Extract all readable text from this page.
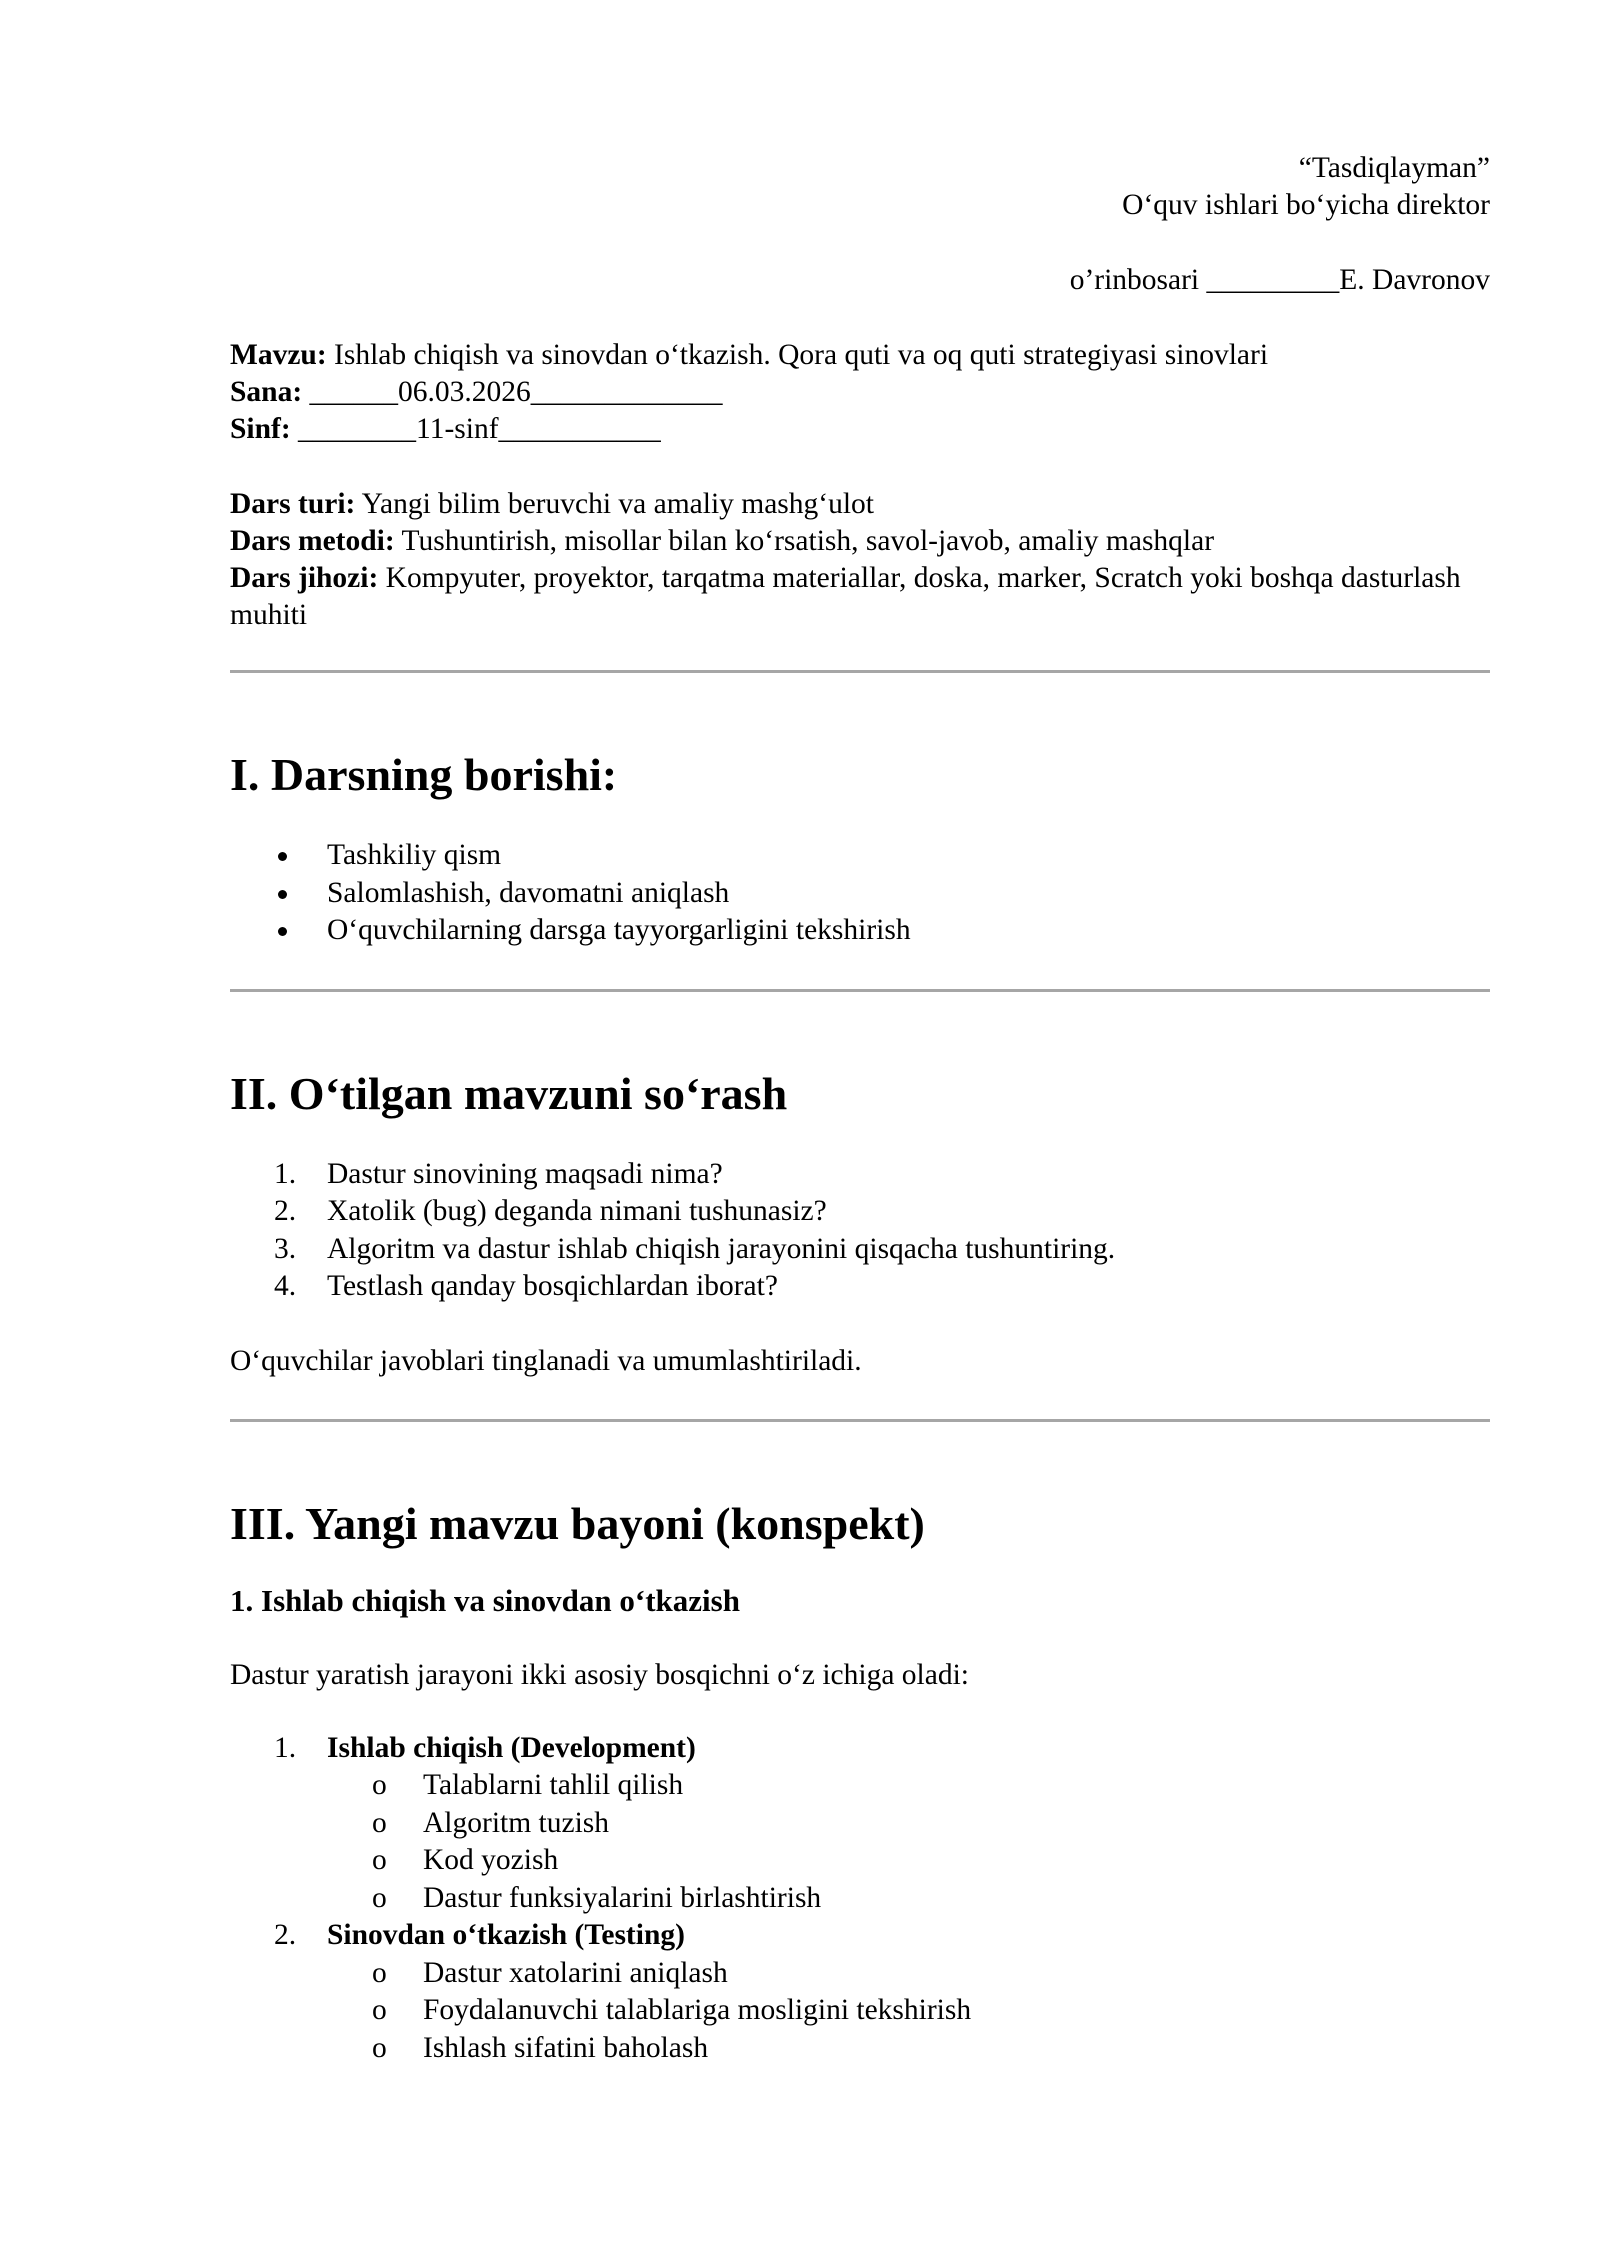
“Tasdiqlayman”

O‘quv ishlari bo‘yicha direktor

o’rinbosari _________E. Davronov

Mavzu: Ishlab chiqish va sinovdan o‘tkazish. Qora quti va oq quti strategiyasi sinovlari

Sana: ______06.03.2026_____________

Sinf: ________11-sinf___________

Dars turi: Yangi bilim beruvchi va amaliy mashg‘ulot

Dars metodi: Tushuntirish, misollar bilan ko‘rsatish, savol-javob, amaliy mashqlar

Dars jihozi: Kompyuter, proyektor, tarqatma materiallar, doska, marker, Scratch yoki boshqa dasturlash muhiti

I. Darsning borishi:
Tashkiliy qism
Salomlashish, davomatni aniqlash
O‘quvchilarning darsga tayyorgarligini tekshirish
II. O‘tilgan mavzuni so‘rash
1.	Dastur sinovining maqsadi nima?
2.	Xatolik (bug) deganda nimani tushunasiz?
3.	Algoritm va dastur ishlab chiqish jarayonini qisqacha tushuntiring.
4.	Testlash qanday bosqichlardan iborat?

O‘quvchilar javoblari tinglanadi va umumlashtiriladi.

III. Yangi mavzu bayoni (konspekt)
1. Ishlab chiqish va sinovdan o‘tkazish

Dastur yaratish jarayoni ikki asosiy bosqichni o‘z ichiga oladi:

1.	Ishlab chiqish (Development)
o Talablarni tahlil qilish
o Algoritm tuzish
o Kod yozish
o Dastur funksiyalarini birlashtirish
2.	Sinovdan o‘tkazish (Testing)
o Dastur xatolarini aniqlash
o Foydalanuvchi talablariga mosligini tekshirish
o Ishlash sifatini baholash
